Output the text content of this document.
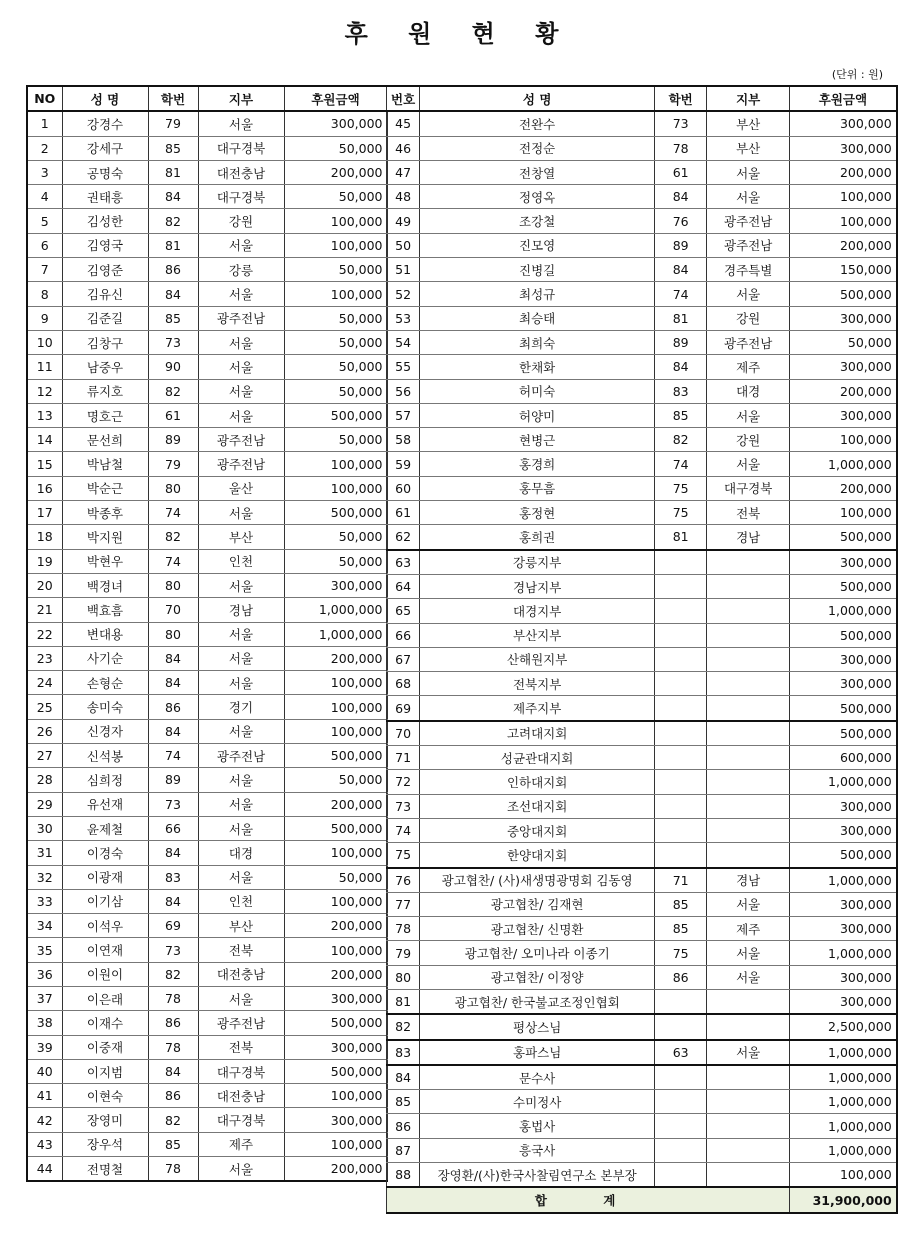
후 원 현 황
(단위 : 원)
NO	성 명	학번	지부	후원금액
1	강경수	79	서울	300,000
2	강세구	85	대구경북	50,000
3	공명숙	81	대전충남	200,000
4	권태흥	84	대구경북	50,000
5	김성한	82	강원	100,000
6	김영국	81	서울	100,000
7	김영준	86	강릉	50,000
8	김유신	84	서울	100,000
9	김준길	85	광주전남	50,000
10	김창구	73	서울	50,000
11	남중우	90	서울	50,000
12	류지호	82	서울	50,000
13	명호근	61	서울	500,000
14	문선희	89	광주전남	50,000
15	박남철	79	광주전남	100,000
16	박순근	80	울산	100,000
17	박종후	74	서울	500,000
18	박지원	82	부산	50,000
19	박현우	74	인천	50,000
20	백경녀	80	서울	300,000
21	백효흠	70	경남	1,000,000
22	변대용	80	서울	1,000,000
23	사기순	84	서울	200,000
24	손형순	84	서울	100,000
25	송미숙	86	경기	100,000
26	신경자	84	서울	100,000
27	신석봉	74	광주전남	500,000
28	심희정	89	서울	50,000
29	유선재	73	서울	200,000
30	윤제철	66	서울	500,000
31	이경숙	84	대경	100,000
32	이광재	83	서울	50,000
33	이기삼	84	인천	100,000
34	이석우	69	부산	200,000
35	이연재	73	전북	100,000
36	이원이	82	대전충남	200,000
37	이은래	78	서울	300,000
38	이재수	86	광주전남	500,000
39	이중재	78	전북	300,000
40	이지범	84	대구경북	500,000
41	이현숙	86	대전충남	100,000
42	장영미	82	대구경북	300,000
43	장우석	85	제주	100,000
44	전명철	78	서울	200,000
번호	성 명	학번	지부	후원금액
45	전완수	73	부산	300,000
46	전정순	78	부산	300,000
47	전창열	61	서울	200,000
48	정영옥	84	서울	100,000
49	조강철	76	광주전남	100,000
50	진모영	89	광주전남	200,000
51	진병길	84	경주특별	150,000
52	최성규	74	서울	500,000
53	최승태	81	강원	300,000
54	최희숙	89	광주전남	50,000
55	한채화	84	제주	300,000
56	허미숙	83	대경	200,000
57	허양미	85	서울	300,000
58	현병근	82	강원	100,000
59	홍경희	74	서울	1,000,000
60	홍무흠	75	대구경북	200,000
61	홍정현	75	전북	100,000
62	홍희권	81	경남	500,000
63	강릉지부			300,000
64	경남지부			500,000
65	대경지부			1,000,000
66	부산지부			500,000
67	산해원지부			300,000
68	전북지부			300,000
69	제주지부			500,000
70	고려대지회			500,000
71	성균관대지회			600,000
72	인하대지회			1,000,000
73	조선대지회			300,000
74	중앙대지회			300,000
75	한양대지회			500,000
76	광고협찬/ (사)새생명광명회 김동영	71	경남	1,000,000
77	광고협찬/ 김재현	85	서울	300,000
78	광고협찬/ 신명환	85	제주	300,000
79	광고협찬/ 오미나라 이종기	75	서울	1,000,000
80	광고협찬/ 이정양	86	서울	300,000
81	광고협찬/ 한국불교조정인협회			300,000
82	평상스님			2,500,000
83	홍파스님	63	서울	1,000,000
84	문수사			1,000,000
85	수미정사			1,000,000
86	홍법사			1,000,000
87	흥국사			1,000,000
88	장영환/(사)한국사찰림연구소 본부장			100,000
합 계				31,900,000
